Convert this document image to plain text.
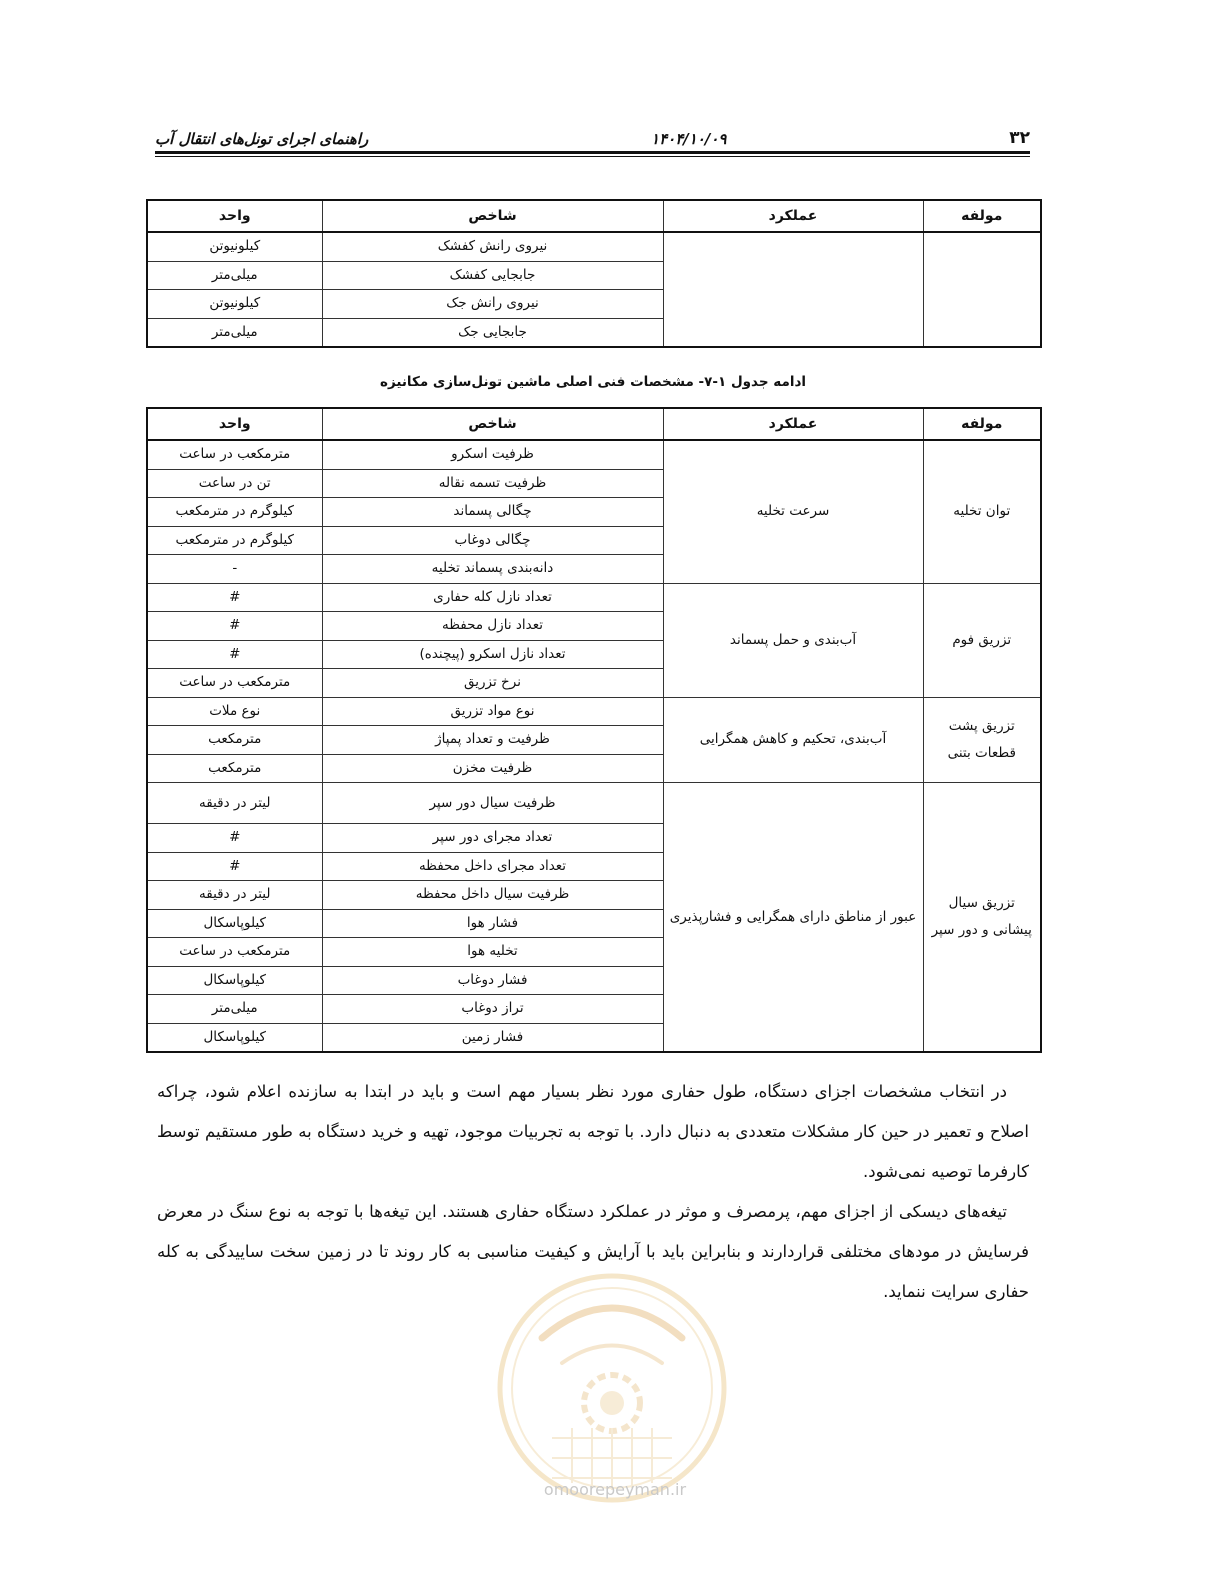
۳۲
۱۴۰۴/۱۰/۰۹
راهنمای اجرای تونل‌های انتقال آب
مولفه	عملکرد	شاخص	واحد
		نیروی رانش کفشک	کیلونیوتن
		جابجایی کفشک	میلی‌متر
		نیروی رانش جک	کیلونیوتن
		جابجایی جک	میلی‌متر
ادامه جدول ۱-۷- مشخصات فنی اصلی ماشین تونل‌سازی مکانیزه
مولفه	عملکرد	شاخص	واحد
توان تخلیه	سرعت تخلیه	ظرفیت اسکرو	مترمکعب در ساعت
		ظرفیت تسمه نقاله	تن در ساعت
		چگالی پسماند	کیلوگرم در مترمکعب
		چگالی دوغاب	کیلوگرم در مترمکعب
		دانه‌بندی پسماند تخلیه	-
تزریق فوم	آب‌بندی و حمل پسماند	تعداد نازل کله حفاری	#
		تعداد نازل محفظه	#
		تعداد نازل اسکرو (پیچنده)	#
		نرخ تزریق	مترمکعب در ساعت
تزریق پشت قطعات بتنی	آب‌بندی، تحکیم و کاهش همگرایی	نوع مواد تزریق	نوع ملات
		ظرفیت و تعداد پمپاژ	مترمکعب
		ظرفیت مخزن	مترمکعب
تزریق سیال پیشانی و دور سپر	عبور از مناطق دارای همگرایی و فشارپذیری	ظرفیت سیال دور سپر	لیتر در دقیقه
		تعداد مجرای دور سپر	#
		تعداد مجرای داخل محفظه	#
		ظرفیت سیال داخل محفظه	لیتر در دقیقه
		فشار هوا	کیلوپاسکال
		تخلیه هوا	مترمکعب در ساعت
		فشار دوغاب	کیلوپاسکال
		تراز دوغاب	میلی‌متر
		فشار زمین	کیلوپاسکال

در انتخاب مشخصات اجزای دستگاه، طول حفاری مورد نظر بسیار مهم است و باید در ابتدا به سازنده اعلام شود، چراکه اصلاح و تعمیر در حین کار مشکلات متعددی به دنبال دارد. با توجه به تجربیات موجود، تهیه و خرید دستگاه به طور مستقیم توسط کارفرما توصیه نمی‌شود.

تیغه‌های دیسکی از اجزای مهم، پرمصرف و موثر در عملکرد دستگاه حفاری هستند. این تیغه‌ها با توجه به نوع سنگ در معرض فرسایش در مودهای مختلفی قراردارند و بنابراین باید با آرایش و کیفیت مناسبی به کار روند تا در زمین سخت ساییدگی به کله حفاری سرایت ننماید.

omoorepeyman.ir
